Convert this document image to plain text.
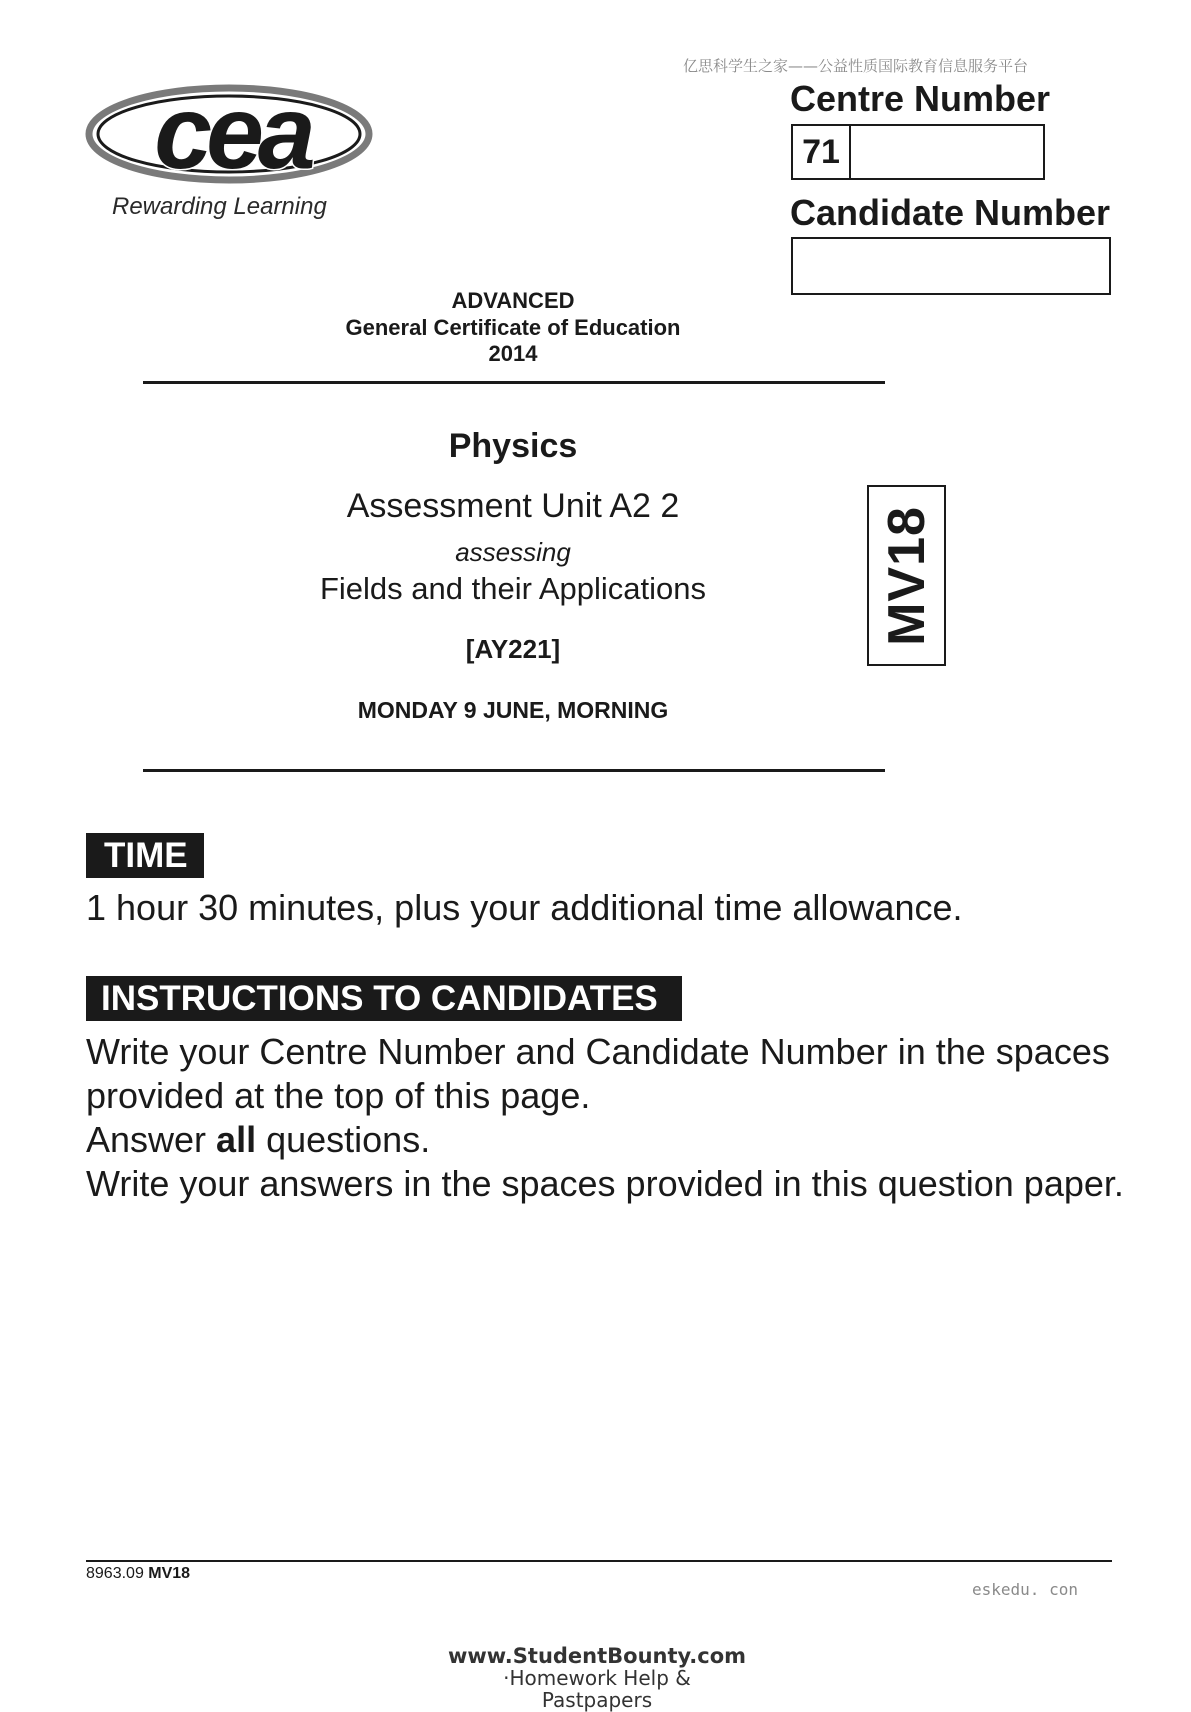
亿思科学生之家——公益性质国际教育信息服务平台
cea
Rewarding Learning
Centre Number
71
Candidate Number
ADVANCED
General Certificate of Education
2014
Physics
Assessment Unit A2 2
assessing
Fields and their Applications
[AY221]
MONDAY 9 JUNE, MORNING
MV18
TIME
1 hour 30 minutes, plus your additional time allowance.
INSTRUCTIONS TO CANDIDATES

Write your Centre Number and Candidate Number in the spaces provided at the top of this page.

Answer all questions.

Write your answers in the spaces provided in this question paper.

8963.09 MV18
eskedu. con
www.StudentBounty.com
·Homework Help & Pastpapers
